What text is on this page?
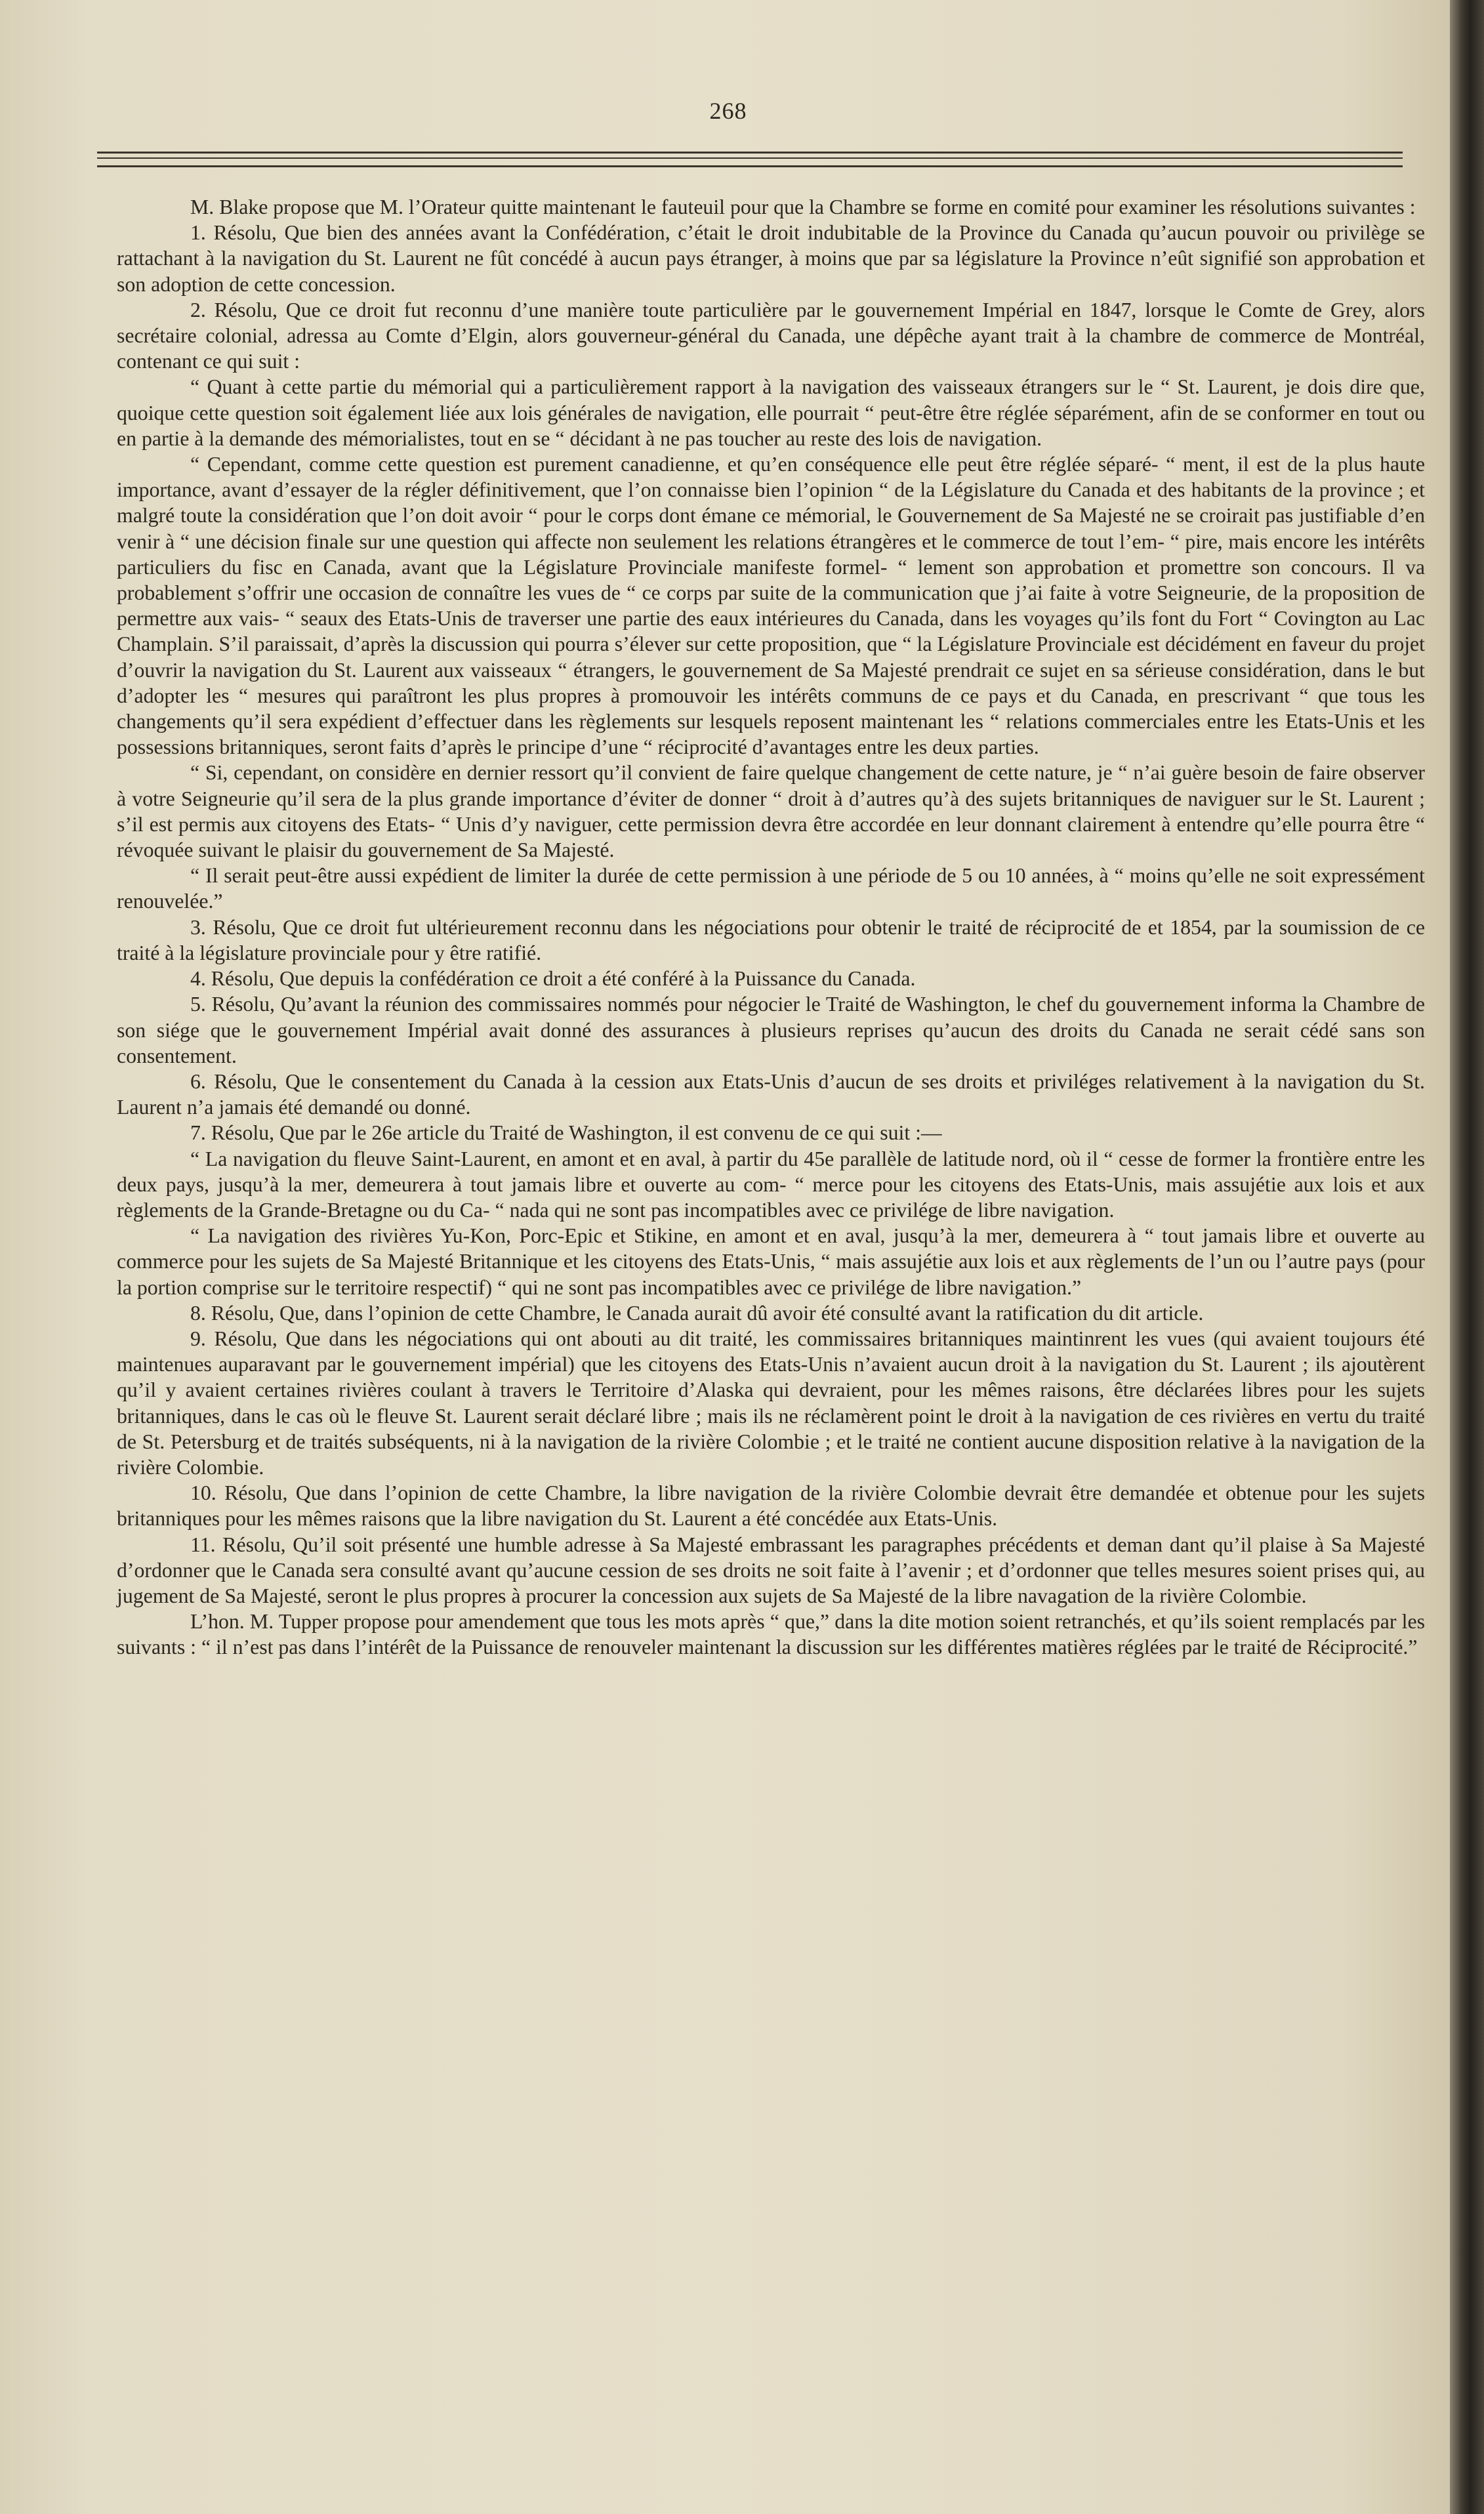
268

M. Blake propose que M. l’Orateur quitte maintenant le fauteuil pour que la Chambre se forme en comité pour examiner les résolutions suivantes :

1. Résolu, Que bien des années avant la Confédération, c’était le droit indubitable de la Province du Canada qu’aucun pouvoir ou privilège se rattachant à la navigation du St. Laurent ne fût concédé à aucun pays étranger, à moins que par sa législature la Province n’eût signifié son approbation et son adoption de cette concession.

2. Résolu, Que ce droit fut reconnu d’une manière toute particulière par le gouvernement Impérial en 1847, lorsque le Comte de Grey, alors secrétaire colonial, adressa au Comte d’Elgin, alors gouverneur-général du Canada, une dépêche ayant trait à la chambre de commerce de Montréal, contenant ce qui suit :

“ Quant à cette partie du mémorial qui a particulièrement rapport à la navigation des vaisseaux étrangers sur le “ St. Laurent, je dois dire que, quoique cette question soit également liée aux lois générales de navigation, elle pourrait “ peut-être être réglée séparément, afin de se conformer en tout ou en partie à la demande des mémorialistes, tout en se “ décidant à ne pas toucher au reste des lois de navigation.

“ Cependant, comme cette question est purement canadienne, et qu’en conséquence elle peut être réglée séparé- “ ment, il est de la plus haute importance, avant d’essayer de la régler définitivement, que l’on connaisse bien l’opinion “ de la Législature du Canada et des habitants de la province ; et malgré toute la considération que l’on doit avoir “ pour le corps dont émane ce mémorial, le Gouvernement de Sa Majesté ne se croirait pas justifiable d’en venir à “ une décision finale sur une question qui affecte non seulement les relations étrangères et le commerce de tout l’em- “ pire, mais encore les intérêts particuliers du fisc en Canada, avant que la Législature Provinciale manifeste formel- “ lement son approbation et promettre son concours. Il va probablement s’offrir une occasion de connaître les vues de “ ce corps par suite de la communication que j’ai faite à votre Seigneurie, de la proposition de permettre aux vais- “ seaux des Etats-Unis de traverser une partie des eaux intérieures du Canada, dans les voyages qu’ils font du Fort “ Covington au Lac Champlain. S’il paraissait, d’après la discussion qui pourra s’élever sur cette proposition, que “ la Législature Provinciale est décidément en faveur du projet d’ouvrir la navigation du St. Laurent aux vaisseaux “ étrangers, le gouvernement de Sa Majesté prendrait ce sujet en sa sérieuse considération, dans le but d’adopter les “ mesures qui paraîtront les plus propres à promouvoir les intérêts communs de ce pays et du Canada, en prescrivant “ que tous les changements qu’il sera expédient d’effectuer dans les règlements sur lesquels reposent maintenant les “ relations commerciales entre les Etats-Unis et les possessions britanniques, seront faits d’après le principe d’une “ réciprocité d’avantages entre les deux parties.

“ Si, cependant, on considère en dernier ressort qu’il convient de faire quelque changement de cette nature, je “ n’ai guère besoin de faire observer à votre Seigneurie qu’il sera de la plus grande importance d’éviter de donner “ droit à d’autres qu’à des sujets britanniques de naviguer sur le St. Laurent ; s’il est permis aux citoyens des Etats- “ Unis d’y naviguer, cette permission devra être accordée en leur donnant clairement à entendre qu’elle pourra être “ révoquée suivant le plaisir du gouvernement de Sa Majesté.

“ Il serait peut-être aussi expédient de limiter la durée de cette permission à une période de 5 ou 10 années, à “ moins qu’elle ne soit expressément renouvelée.”

3. Résolu, Que ce droit fut ultérieurement reconnu dans les négociations pour obtenir le traité de réciprocité de et 1854, par la soumission de ce traité à la législature provinciale pour y être ratifié.

4. Résolu, Que depuis la confédération ce droit a été conféré à la Puissance du Canada.

5. Résolu, Qu’avant la réunion des commissaires nommés pour négocier le Traité de Washington, le chef du gouvernement informa la Chambre de son siége que le gouvernement Impérial avait donné des assurances à plusieurs reprises qu’aucun des droits du Canada ne serait cédé sans son consentement.

6. Résolu, Que le consentement du Canada à la cession aux Etats-Unis d’aucun de ses droits et priviléges relativement à la navigation du St. Laurent n’a jamais été demandé ou donné.

7. Résolu, Que par le 26e article du Traité de Washington, il est convenu de ce qui suit :—

“ La navigation du fleuve Saint-Laurent, en amont et en aval, à partir du 45e parallèle de latitude nord, où il “ cesse de former la frontière entre les deux pays, jusqu’à la mer, demeurera à tout jamais libre et ouverte au com- “ merce pour les citoyens des Etats-Unis, mais assujétie aux lois et aux règlements de la Grande-Bretagne ou du Ca- “ nada qui ne sont pas incompatibles avec ce privilége de libre navigation.

“ La navigation des rivières Yu-Kon, Porc-Epic et Stikine, en amont et en aval, jusqu’à la mer, demeurera à “ tout jamais libre et ouverte au commerce pour les sujets de Sa Majesté Britannique et les citoyens des Etats-Unis, “ mais assujétie aux lois et aux règlements de l’un ou l’autre pays (pour la portion comprise sur le territoire respectif) “ qui ne sont pas incompatibles avec ce privilége de libre navigation.”

8. Résolu, Que, dans l’opinion de cette Chambre, le Canada aurait dû avoir été consulté avant la ratification du dit article.

9. Résolu, Que dans les négociations qui ont abouti au dit traité, les commissaires britanniques maintinrent les vues (qui avaient toujours été maintenues auparavant par le gouvernement impérial) que les citoyens des Etats-Unis n’avaient aucun droit à la navigation du St. Laurent ; ils ajoutèrent qu’il y avaient certaines rivières coulant à travers le Territoire d’Alaska qui devraient, pour les mêmes raisons, être déclarées libres pour les sujets britanniques, dans le cas où le fleuve St. Laurent serait déclaré libre ; mais ils ne réclamèrent point le droit à la navigation de ces rivières en vertu du traité de St. Petersburg et de traités subséquents, ni à la navigation de la rivière Colombie ; et le traité ne contient aucune disposition relative à la navigation de la rivière Colombie.

10. Résolu, Que dans l’opinion de cette Chambre, la libre navigation de la rivière Colombie devrait être demandée et obtenue pour les sujets britanniques pour les mêmes raisons que la libre navigation du St. Laurent a été concédée aux Etats-Unis.

11. Résolu, Qu’il soit présenté une humble adresse à Sa Majesté embrassant les paragraphes précédents et deman dant qu’il plaise à Sa Majesté d’ordonner que le Canada sera consulté avant qu’aucune cession de ses droits ne soit faite à l’avenir ; et d’ordonner que telles mesures soient prises qui, au jugement de Sa Majesté, seront le plus propres à procurer la concession aux sujets de Sa Majesté de la libre navagation de la rivière Colombie.

L’hon. M. Tupper propose pour amendement que tous les mots après “ que,” dans la dite motion soient retranchés, et qu’ils soient remplacés par les suivants : “ il n’est pas dans l’intérêt de la Puissance de renouveler maintenant la discussion sur les différentes matières réglées par le traité de Réciprocité.”
